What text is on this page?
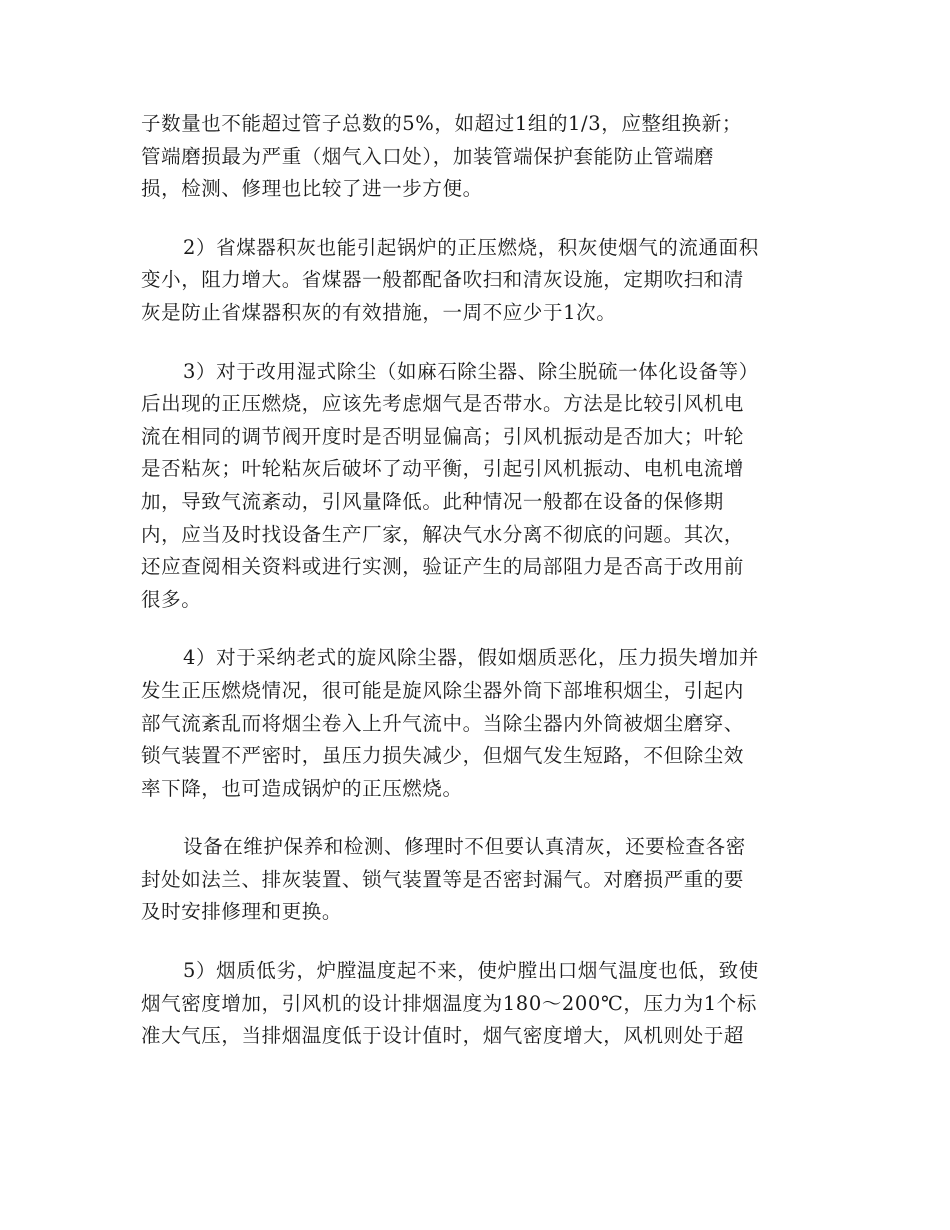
子数量也不能超过管子总数的5%，如超过1组的1/3，应整组换新；
管端磨损最为严重（烟气入口处），加装管端保护套能防止管端磨
损，检测、修理也比较了进一步方便。
2）省煤器积灰也能引起锅炉的正压燃烧，积灰使烟气的流通面积
变小，阻力增大。省煤器一般都配备吹扫和清灰设施，定期吹扫和清
灰是防止省煤器积灰的有效措施，一周不应少于1次。
3）对于改用湿式除尘（如麻石除尘器、除尘脱硫一体化设备等）
后出现的正压燃烧，应该先考虑烟气是否带水。方法是比较引风机电
流在相同的调节阀开度时是否明显偏高；引风机振动是否加大；叶轮
是否粘灰；叶轮粘灰后破坏了动平衡，引起引风机振动、电机电流增
加，导致气流紊动，引风量降低。此种情况一般都在设备的保修期
内，应当及时找设备生产厂家，解决气水分离不彻底的问题。其次，
还应查阅相关资料或进行实测，验证产生的局部阻力是否高于改用前
很多。
4）对于采纳老式的旋风除尘器，假如烟质恶化，压力损失增加并
发生正压燃烧情况，很可能是旋风除尘器外筒下部堆积烟尘，引起内
部气流紊乱而将烟尘卷入上升气流中。当除尘器内外筒被烟尘磨穿、
锁气装置不严密时，虽压力损失减少，但烟气发生短路，不但除尘效
率下降，也可造成锅炉的正压燃烧。
设备在维护保养和检测、修理时不但要认真清灰，还要检查各密
封处如法兰、排灰装置、锁气装置等是否密封漏气。对磨损严重的要
及时安排修理和更换。
5）烟质低劣，炉膛温度起不来，使炉膛出口烟气温度也低，致使
烟气密度增加，引风机的设计排烟温度为180～200℃，压力为1个标
准大气压，当排烟温度低于设计值时，烟气密度增大，风机则处于超
